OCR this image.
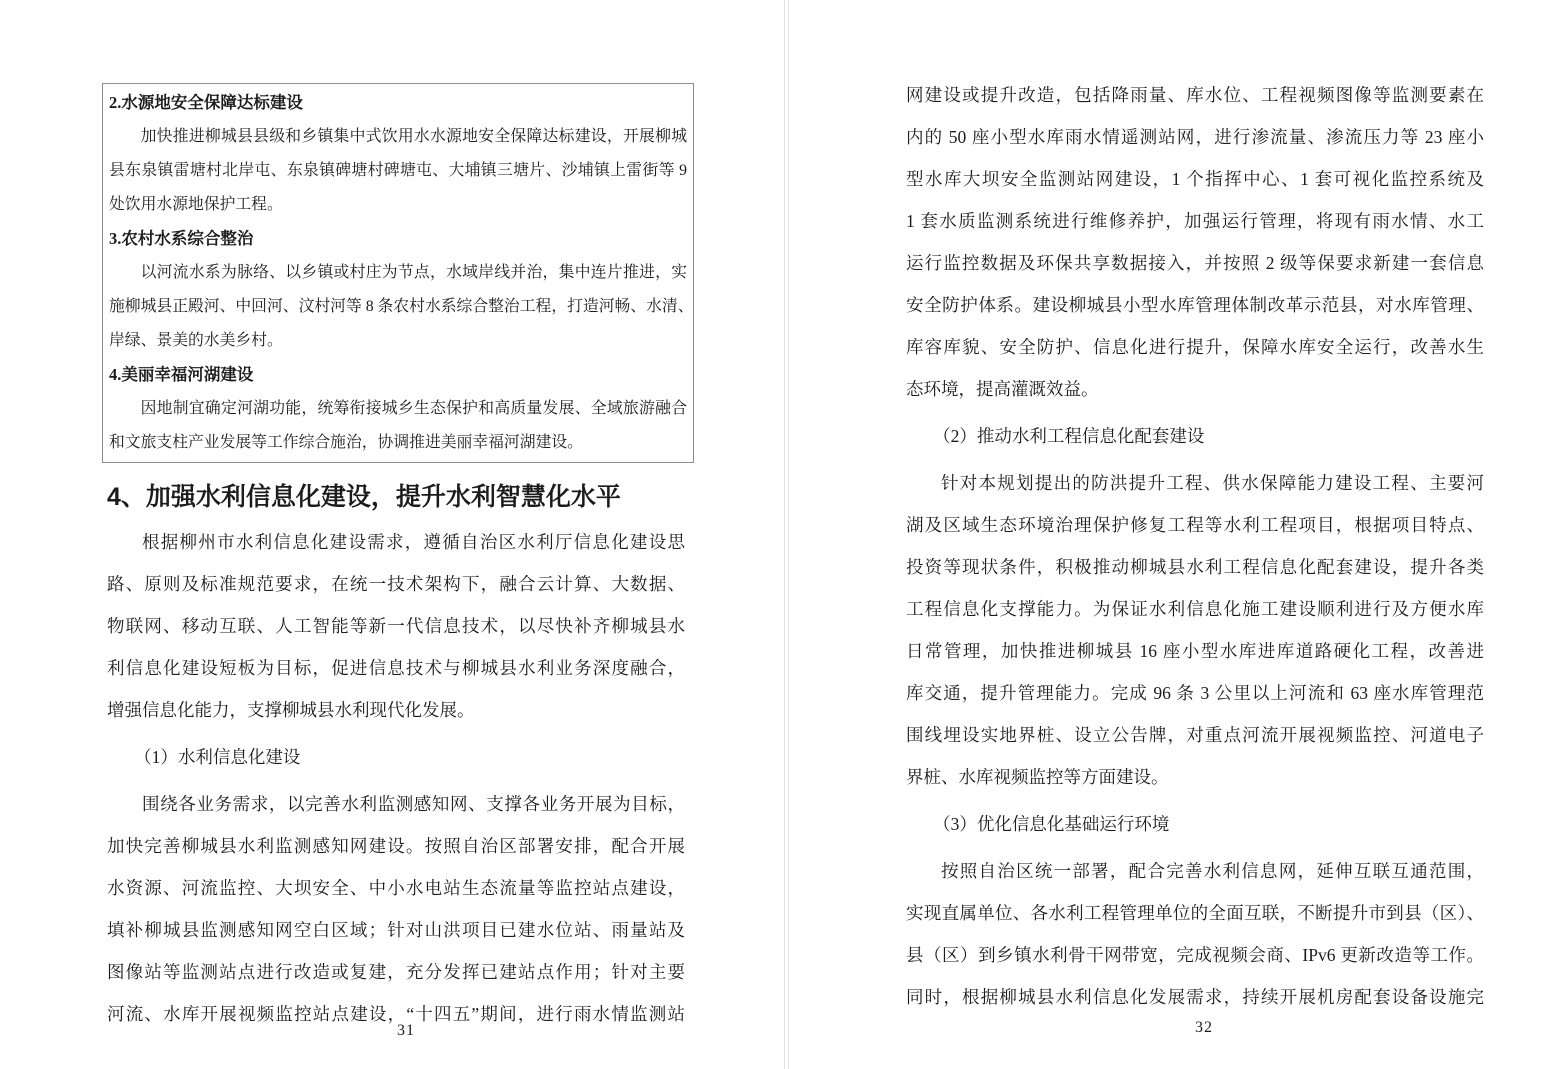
2.水源地安全保障达标建设
加快推进柳城县县级和乡镇集中式饮用水水源地安全保障达标建设，开展柳城
县东泉镇雷塘村北岸屯、东泉镇碑塘村碑塘屯、大埔镇三塘片、沙埔镇上雷街等 9
处饮用水源地保护工程。
3.农村水系综合整治
以河流水系为脉络、以乡镇或村庄为节点，水域岸线并治，集中连片推进，实
施柳城县正殿河、中回河、汶村河等 8 条农村水系综合整治工程，打造河畅、水清、
岸绿、景美的水美乡村。
4.美丽幸福河湖建设
因地制宜确定河湖功能，统筹衔接城乡生态保护和高质量发展、全域旅游融合
和文旅支柱产业发展等工作综合施治，协调推进美丽幸福河湖建设。
4、加强水利信息化建设，提升水利智慧化水平
根据柳州市水利信息化建设需求，遵循自治区水利厅信息化建设思
路、原则及标准规范要求，在统一技术架构下，融合云计算、大数据、
物联网、移动互联、人工智能等新一代信息技术，以尽快补齐柳城县水
利信息化建设短板为目标，促进信息技术与柳城县水利业务深度融合，
增强信息化能力，支撑柳城县水利现代化发展。
（1）水利信息化建设
围绕各业务需求，以完善水利监测感知网、支撑各业务开展为目标，
加快完善柳城县水利监测感知网建设。按照自治区部署安排，配合开展
水资源、河流监控、大坝安全、中小水电站生态流量等监控站点建设，
填补柳城县监测感知网空白区域；针对山洪项目已建水位站、雨量站及
图像站等监测站点进行改造或复建，充分发挥已建站点作用；针对主要
河流、水库开展视频监控站点建设，“十四五”期间，进行雨水情监测站
31
网建设或提升改造，包括降雨量、库水位、工程视频图像等监测要素在
内的 50 座小型水库雨水情遥测站网，进行渗流量、渗流压力等 23 座小
型水库大坝安全监测站网建设，1 个指挥中心、1 套可视化监控系统及
1 套水质监测系统进行维修养护，加强运行管理，将现有雨水情、水工
运行监控数据及环保共享数据接入，并按照 2 级等保要求新建一套信息
安全防护体系。建设柳城县小型水库管理体制改革示范县，对水库管理、
库容库貌、安全防护、信息化进行提升，保障水库安全运行，改善水生
态环境，提高灌溉效益。
（2）推动水利工程信息化配套建设
针对本规划提出的防洪提升工程、供水保障能力建设工程、主要河
湖及区域生态环境治理保护修复工程等水利工程项目，根据项目特点、
投资等现状条件，积极推动柳城县水利工程信息化配套建设，提升各类
工程信息化支撑能力。为保证水利信息化施工建设顺利进行及方便水库
日常管理，加快推进柳城县 16 座小型水库进库道路硬化工程，改善进
库交通，提升管理能力。完成 96 条 3 公里以上河流和 63 座水库管理范
围线埋设实地界桩、设立公告牌，对重点河流开展视频监控、河道电子
界桩、水库视频监控等方面建设。
（3）优化信息化基础运行环境
按照自治区统一部署，配合完善水利信息网，延伸互联互通范围，
实现直属单位、各水利工程管理单位的全面互联，不断提升市到县（区）、
县（区）到乡镇水利骨干网带宽，完成视频会商、IPv6 更新改造等工作。
同时，根据柳城县水利信息化发展需求，持续开展机房配套设备设施完
32
